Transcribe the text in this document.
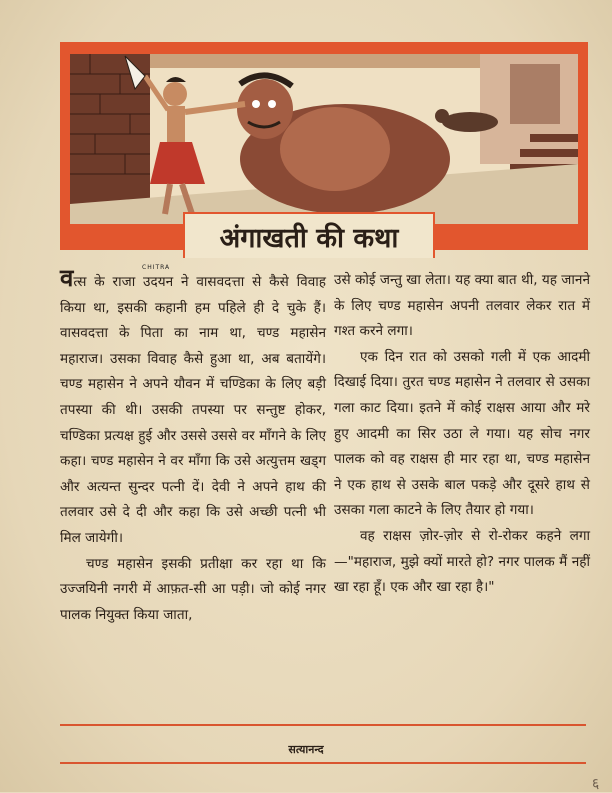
CHITRA
अंगाखती की कथा

वत्स के राजा उदयन ने वासवदत्ता से कैसे विवाह किया था, इसकी कहानी हम पहिले ही दे चुके हैं। वासवदत्ता के पिता का नाम था, चण्ड महासेन महाराज। उसका विवाह कैसे हुआ था, अब बतायेंगे। चण्ड महासेन ने अपने यौवन में चण्डिका के लिए बड़ी तपस्या की थी। उसकी तपस्या पर सन्तुष्ट होकर, चण्डिका प्रत्यक्ष हुई और उससे उससे वर माँगने के लिए कहा। चण्ड महासेन ने वर माँगा कि उसे अत्युत्तम खड्ग और अत्यन्त सुन्दर पत्नी दें। देवी ने अपने हाथ की तलवार उसे दे दी और कहा कि उसे अच्छी पत्नी भी मिल जायेगी।

चण्ड महासेन इसकी प्रतीक्षा कर रहा था कि उज्जयिनी नगरी में आफ़त-सी आ पड़ी। जो कोई नगर पालक नियुक्त किया जाता,

उसे कोई जन्तु खा लेता। यह क्या बात थी, यह जानने के लिए चण्ड महासेन अपनी तलवार लेकर रात में गश्त करने लगा।

एक दिन रात को उसको गली में एक आदमी दिखाई दिया। तुरत चण्ड महासेन ने तलवार से उसका गला काट दिया। इतने में कोई राक्षस आया और मरे हुए आदमी का सिर उठा ले गया। यह सोच नगर पालक को वह राक्षस ही मार रहा था, चण्ड महासेन ने एक हाथ से उसके बाल पकड़े और दूसरे हाथ से उसका गला काटने के लिए तैयार हो गया।

वह राक्षस ज़ोर-ज़ोर से रो-रोकर कहने लगा—"महाराज, मुझे क्यों मारते हो? नगर पालक मैं नहीं खा रहा हूँ। एक और खा रहा है।"

सत्यानन्द
६
